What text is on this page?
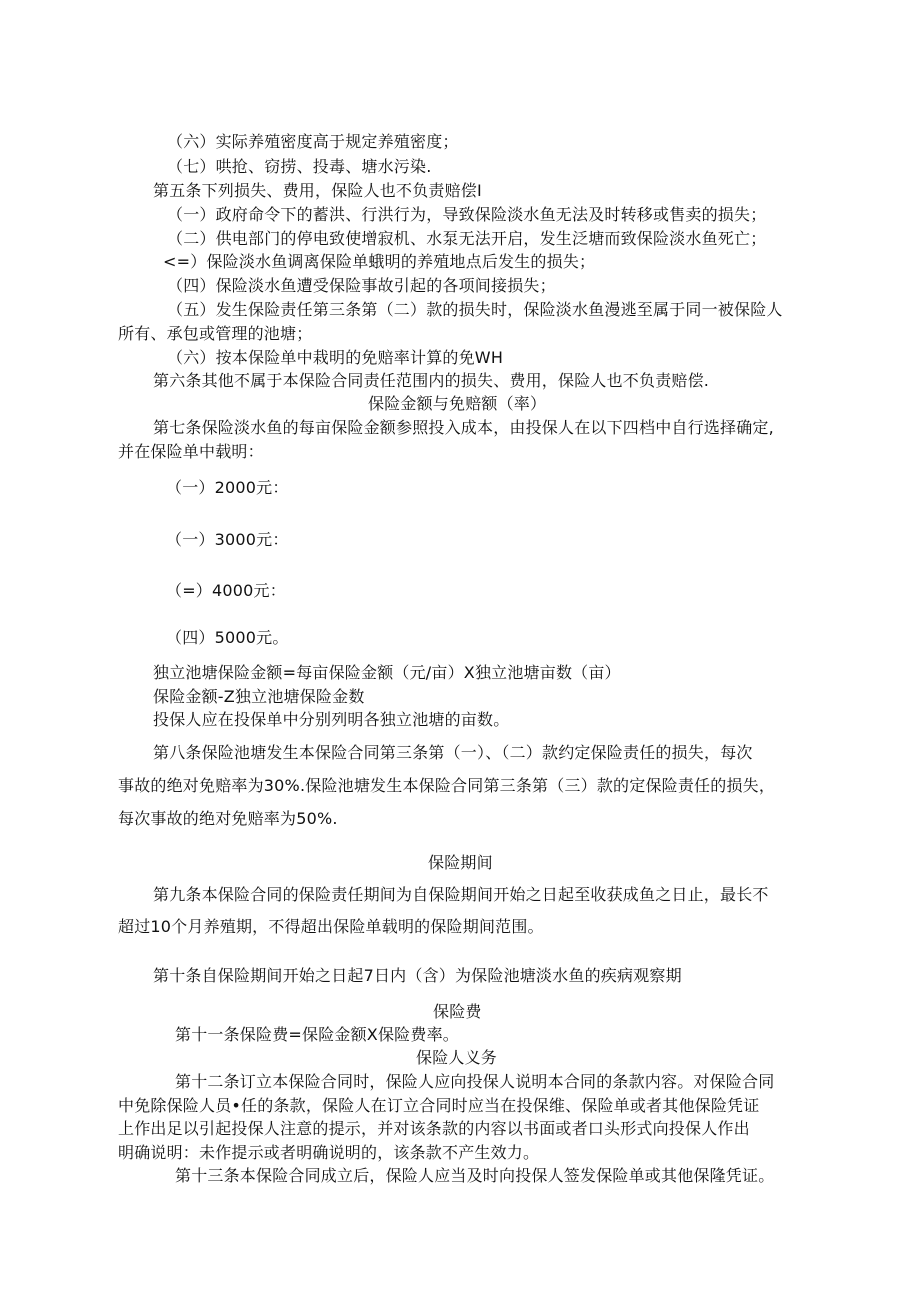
（六）实际养殖密度高于规定养殖密度；
（七）哄抢、窃捞、投毒、塘水污染.
第五条下列损失、费用，保险人也不负责赔偿I
（一）政府命令下的蓄洪、行洪行为，导致保险淡水鱼无法及时转移或售卖的损失；
（二）供电部门的停电致使增寂机、水泵无法开启，发生泛塘而致保险淡水鱼死亡；
<=）保险淡水鱼调离保险单蛾明的养殖地点后发生的损失；
（四）保险淡水鱼遭受保险事故引起的各项间接损失；
（五）发生保险责任第三条第（二）款的损失时，保险淡水鱼漫逃至属于同一被保险人
所有、承包或管理的池塘；
（六）按本保险单中栽明的免赔率计算的免WH
第六条其他不属于本保险合同责任范围内的损失、费用，保险人也不负责赔偿.
保险金额与免赔额（率）
第七条保险淡水鱼的每亩保险金额参照投入成本，由投保人在以下四档中自行选择确定,
并在保险单中载明：
（一）2000元：
（一）3000元：
（=）4000元：
（四）5000元。
独立池塘保险金额=每亩保险金额（元/亩）X独立池塘亩数（亩）
保险金额-Z独立池塘保险金数
投保人应在投保单中分别列明各独立池塘的亩数。
第八条保险池塘发生本保险合同第三条第（一）、（二）款约定保险责任的损失，每次
事故的绝对免赔率为30%.保险池塘发生本保险合同第三条第（三）款的定保险责任的损失，
每次事故的绝对免赔率为50%.
保险期间
第九条本保险合同的保险责任期间为自保险期间开始之日起至收获成鱼之日止，最长不
超过10个月养殖期，不得超出保险单载明的保险期间范围。
第十条自保险期间开始之日起7日内（含）为保险池塘淡水鱼的疾病观察期
保险费
第十一条保险费=保险金额X保险费率。
保险人义务
第十二条订立本保险合同时，保险人应向投保人说明本合同的条款内容。对保险合同
中免除保险人员•任的条款，保险人在订立合同时应当在投保维、保险单或者其他保险凭证
上作出足以引起投保人注意的提示，并对该条款的内容以书面或者口头形式向投保人作出
明确说明：未作提示或者明确说明的，该条款不产生效力。
第十三条本保险合同成立后，保险人应当及时向投保人签发保险单或其他保隆凭证。
